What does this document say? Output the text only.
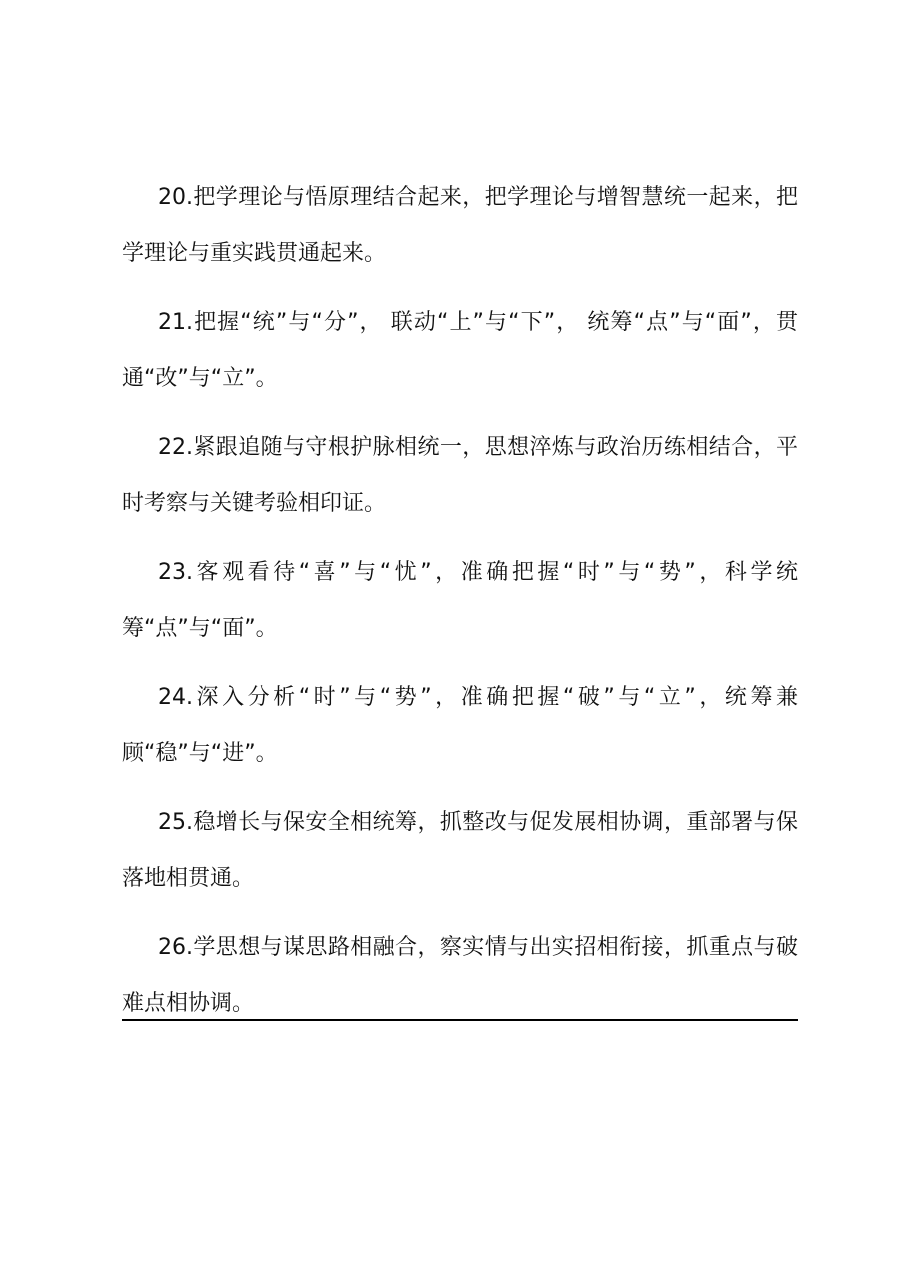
20.把学理论与悟原理结合起来，把学理论与增智慧统一起来，把学理论与重实践贯通起来。

21.把握“统”与“分”， 联动“上”与“下”， 统筹“点”与“面”，贯通“改”与“立”。

22.紧跟追随与守根护脉相统一，思想淬炼与政治历练相结合，平时考察与关键考验相印证。

23.客观看待“喜”与“忧”，准确把握“时”与“势”，科学统筹“点”与“面”。

24.深入分析“时”与“势”，准确把握“破”与“立”，统筹兼顾“稳”与“进”。

25.稳增长与保安全相统筹，抓整改与促发展相协调，重部署与保落地相贯通。

26.学思想与谋思路相融合，察实情与出实招相衔接，抓重点与破难点相协调。
